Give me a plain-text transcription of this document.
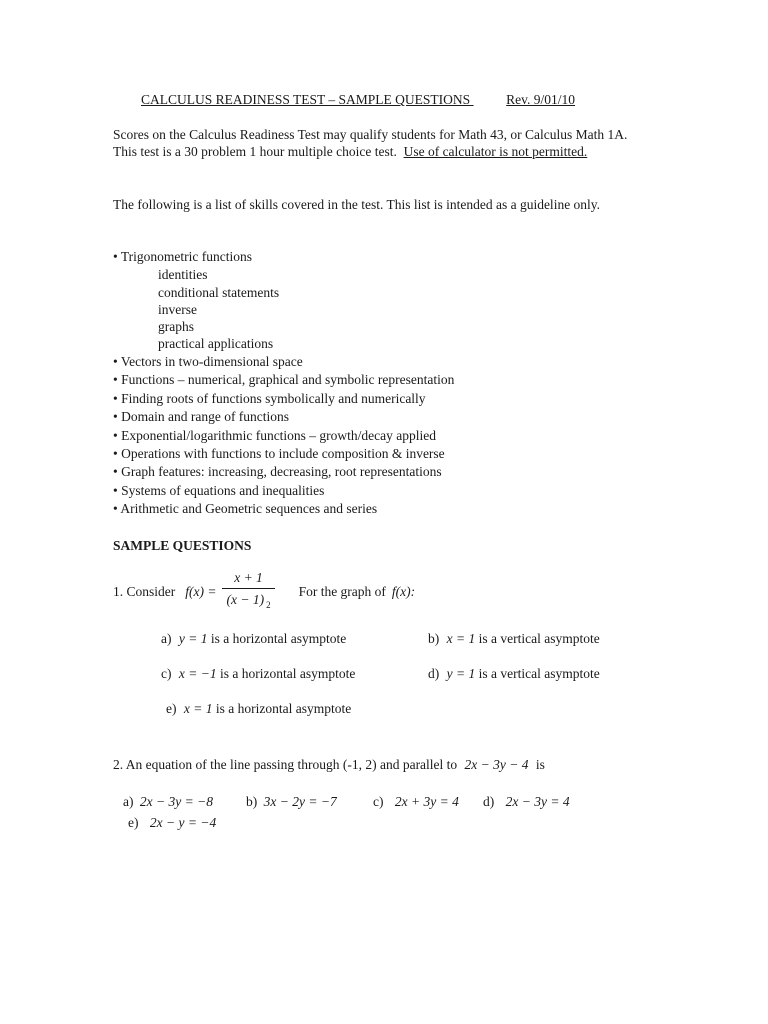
CALCULUS READINESS TEST – SAMPLE QUESTIONS	Rev. 9/01/10
Scores on the Calculus Readiness Test may qualify students for Math 43, or Calculus Math 1A. This test is a 30 problem 1 hour multiple choice test. Use of calculator is not permitted.
The following is a list of skills covered in the test. This list is intended as a guideline only.
• Trigonometric functions
identities
conditional statements
inverse
graphs
practical applications
• Vectors in two-dimensional space
• Functions – numerical, graphical and symbolic representation
• Finding roots of functions symbolically and numerically
• Domain and range of functions
• Exponential/logarithmic functions – growth/decay applied
• Operations with functions to include composition & inverse
• Graph features: increasing, decreasing, root representations
• Systems of equations and inequalities
• Arithmetic and Geometric sequences and series
SAMPLE QUESTIONS
1. Consider $f(x) = \frac{x + 1}{(x - 1) ^2}$ For the graph of f(x):
a) y = 1 is a horizontal asymptote	b) x = 1 is a vertical asymptote
c) x = −1 is a horizontal asymptote	d) y = 1 is a vertical asymptote
e) x = 1 is a horizontal asymptote
2. An equation of the line passing through (-1, 2) and parallel to 2x − 3y − 4 is
a) 2x − 3y = −8 b) 3x − 2y = −7	c) 2x + 3y = 4 d) 2x − 3y = 4
e) 2x − y = −4
